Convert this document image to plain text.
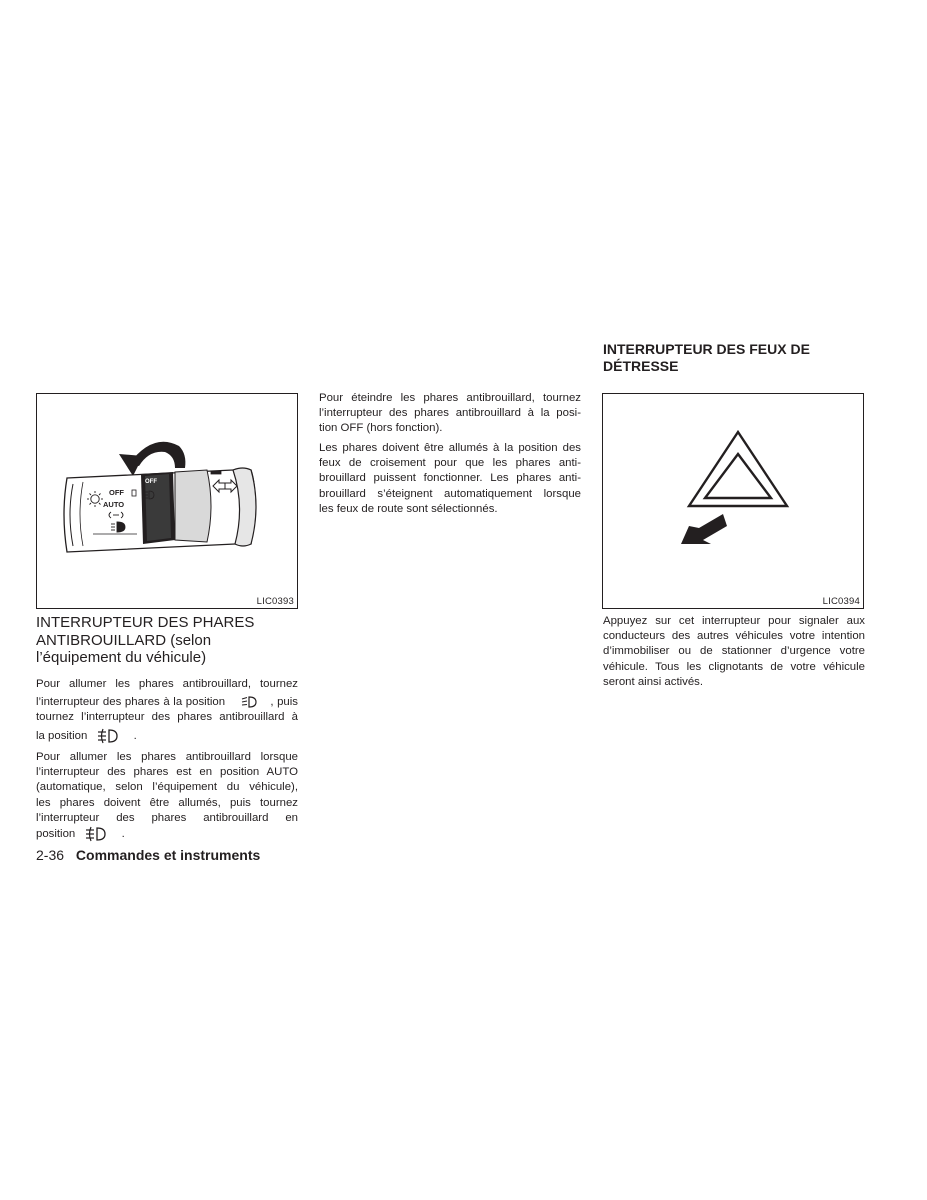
OFF
AUTO
OFF
LIC0393
INTERRUPTEUR DES PHARES
ANTIBROUILLARD (selon
l’équipement du véhicule)
Pour allumer les phares antibrouillard, tournez
l’interrupteur des phares à la position	, puis
tournez l’interrupteur des phares antibrouillard à
la position	.
Pour allumer les phares antibrouillard lorsque
l’interrupteur des phares est en position AUTO
(automatique, selon l’équipement du véhicule),
les phares doivent être allumés, puis tournez
l’interrupteur des phares antibrouillard en
position	.
Pour éteindre les phares antibrouillard, tournez
l’interrupteur des phares antibrouillard à la posi-
tion OFF (hors fonction).
Les phares doivent être allumés à la position des
feux de croisement pour que les phares anti-
brouillard puissent fonctionner. Les phares anti-
brouillard s’éteignent automatiquement lorsque
les feux de route sont sélectionnés.
INTERRUPTEUR DES FEUX DE
DÉTRESSE
LIC0394
Appuyez sur cet interrupteur pour signaler aux
conducteurs des autres véhicules votre intention
d’immobiliser ou de stationner d’urgence votre
véhicule. Tous les clignotants de votre véhicule
seront ainsi activés.
2-36 Commandes et instruments
